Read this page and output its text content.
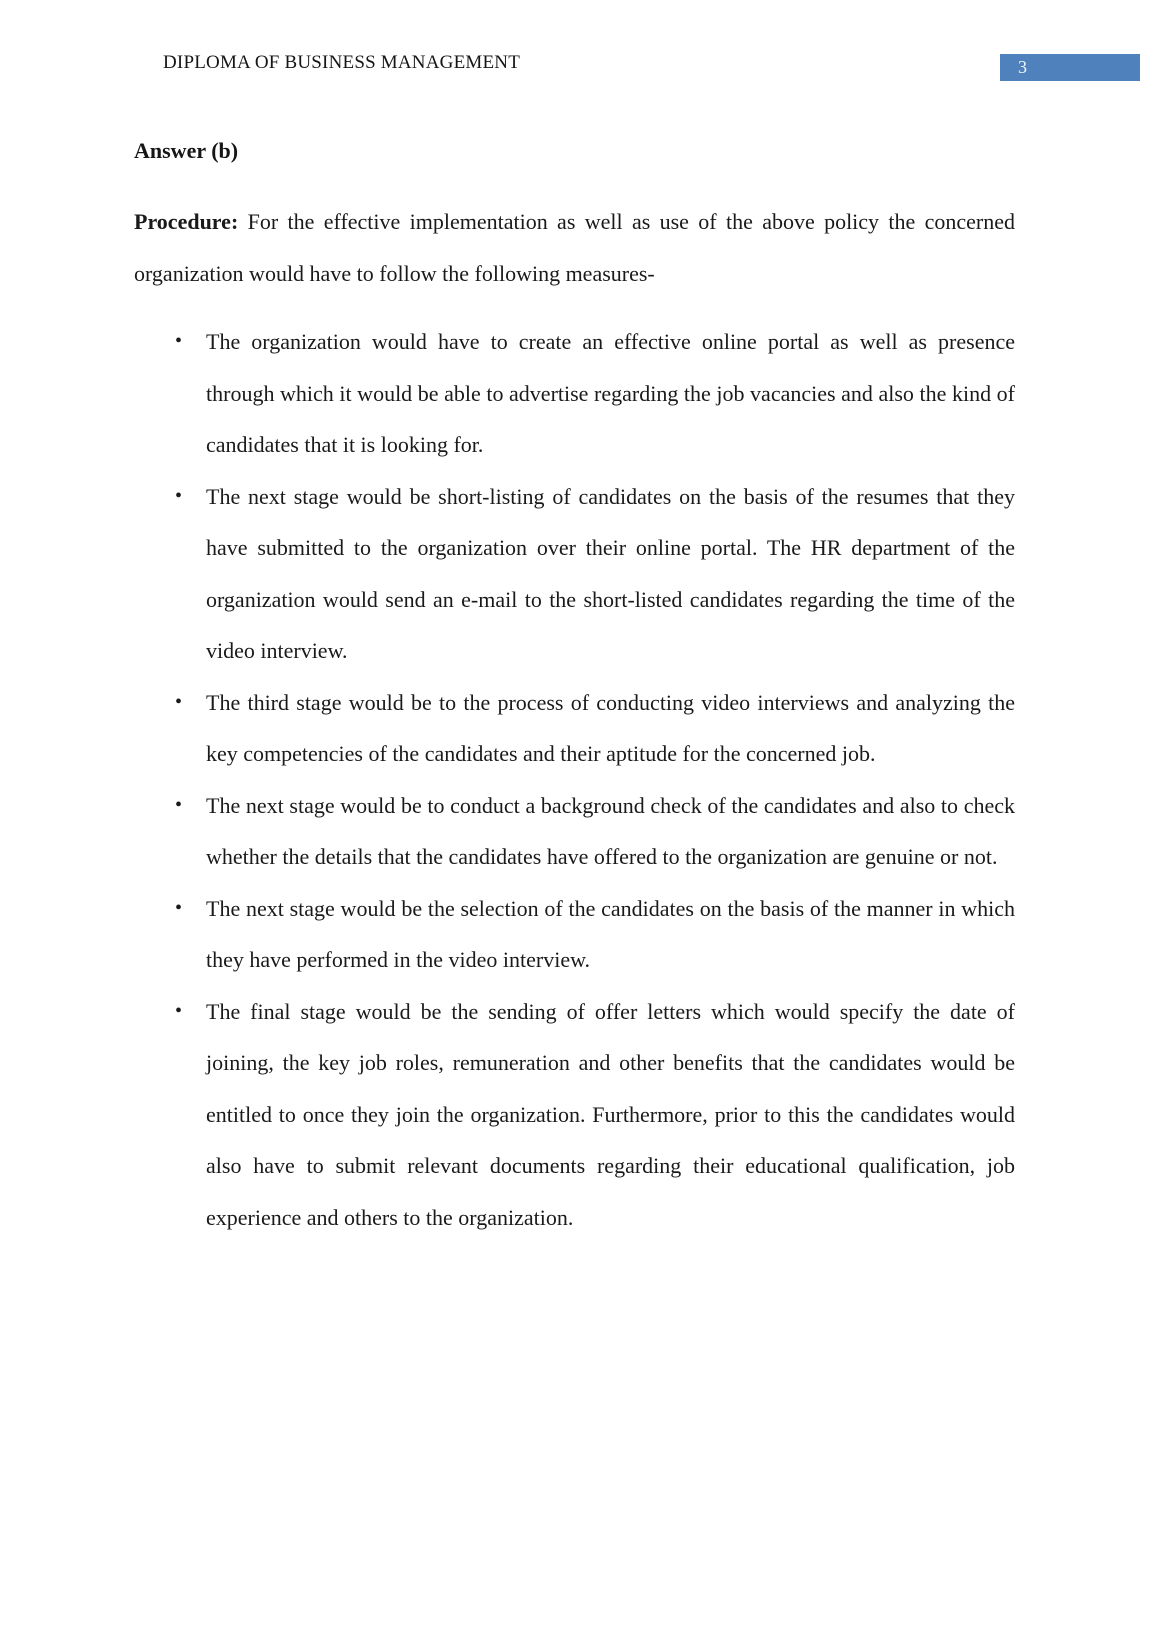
DIPLOMA OF BUSINESS MANAGEMENT	3
Answer (b)

Procedure: For the effective implementation as well as use of the above policy the concerned organization would have to follow the following measures-

•
The organization would have to create an effective online portal as well as presence through which it would be able to advertise regarding the job vacancies and also the kind of candidates that it is looking for.
•
The next stage would be short-listing of candidates on the basis of the resumes that they have submitted to the organization over their online portal. The HR department of the organization would send an e-mail to the short-listed candidates regarding the time of the video interview.
•
The third stage would be to the process of conducting video interviews and analyzing the key competencies of the candidates and their aptitude for the concerned job.
•
The next stage would be to conduct a background check of the candidates and also to check whether the details that the candidates have offered to the organization are genuine or not.
•
The next stage would be the selection of the candidates on the basis of the manner in which they have performed in the video interview.
•
The final stage would be the sending of offer letters which would specify the date of joining, the key job roles, remuneration and other benefits that the candidates would be entitled to once they join the organization. Furthermore, prior to this the candidates would also have to submit relevant documents regarding their educational qualification, job experience and others to the organization.
